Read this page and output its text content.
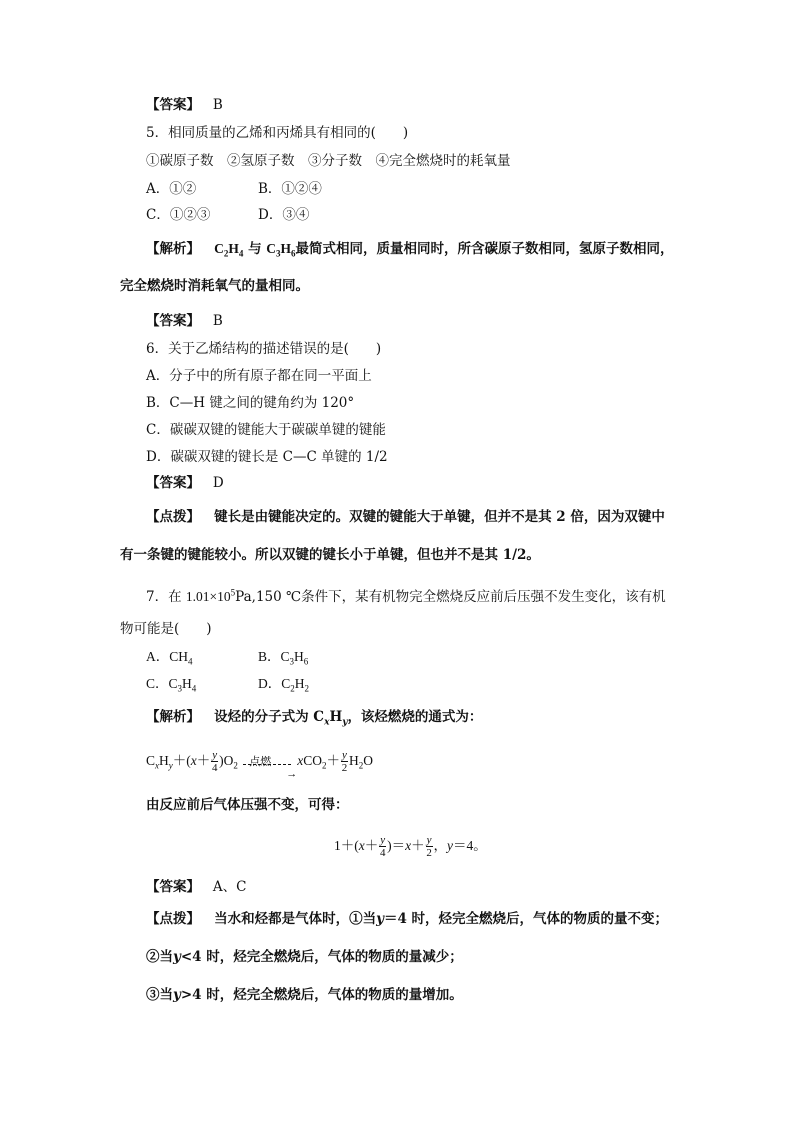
【答案】 B
5．相同质量的乙烯和丙烯具有相同的(　　)
①碳原子数　②氢原子数　③分子数　④完全燃烧时的耗氧量
A．①②	B．①②④
C．①②③	D．③④
【解析】 $C_2H_4$ 与 $C_3H_6$最简式相同，质量相同时，所含碳原子数相同，氢原子数相同，
完全燃烧时消耗氧气的量相同。
【答案】 B
6．关于乙烯结构的描述错误的是(　　)
A．分子中的所有原子都在同一平面上
B．C—H 键之间的键角约为 120°
C．碳碳双键的键能大于碳碳单键的键能
D．碳碳双键的键长是 C—C 单键的 1/2
【答案】 D
【点拨】 键长是由键能决定的。双键的键能大于单键，但并不是其 2 倍，因为双键中
有一条键的键能较小。所以双键的键长小于单键，但也并不是其 1/2。
7．在 $1.01\times 10^5Pa,150$ ℃条件下，某有机物完全燃烧反应前后压强不发生变化，该有机
物可能是(　　)
A．$CH_4$	B．$C_3H_6$
C．$C_3H_4$	D．$C_2H_2$
【解析】 设烃的分子式为 $C_xH_y$，该烃燃烧的通式为：
$C_xH_y+(x+ \frac{y}{4} )O_2$ 点燃
→
$xCO_2+ \frac{y}{2} H_2O$
由反应前后气体压强不变，可得：
$1+(x+ \frac{y}{4} )=x+ \frac{y}{2}$ ，y＝4。
【答案】 A、C
【点拨】 当水和烃都是气体时，①当y＝4 时，烃完全燃烧后，气体的物质的量不变；
②当y<4 时，烃完全燃烧后，气体的物质的量减少；
③当y>4 时，烃完全燃烧后，气体的物质的量增加。
